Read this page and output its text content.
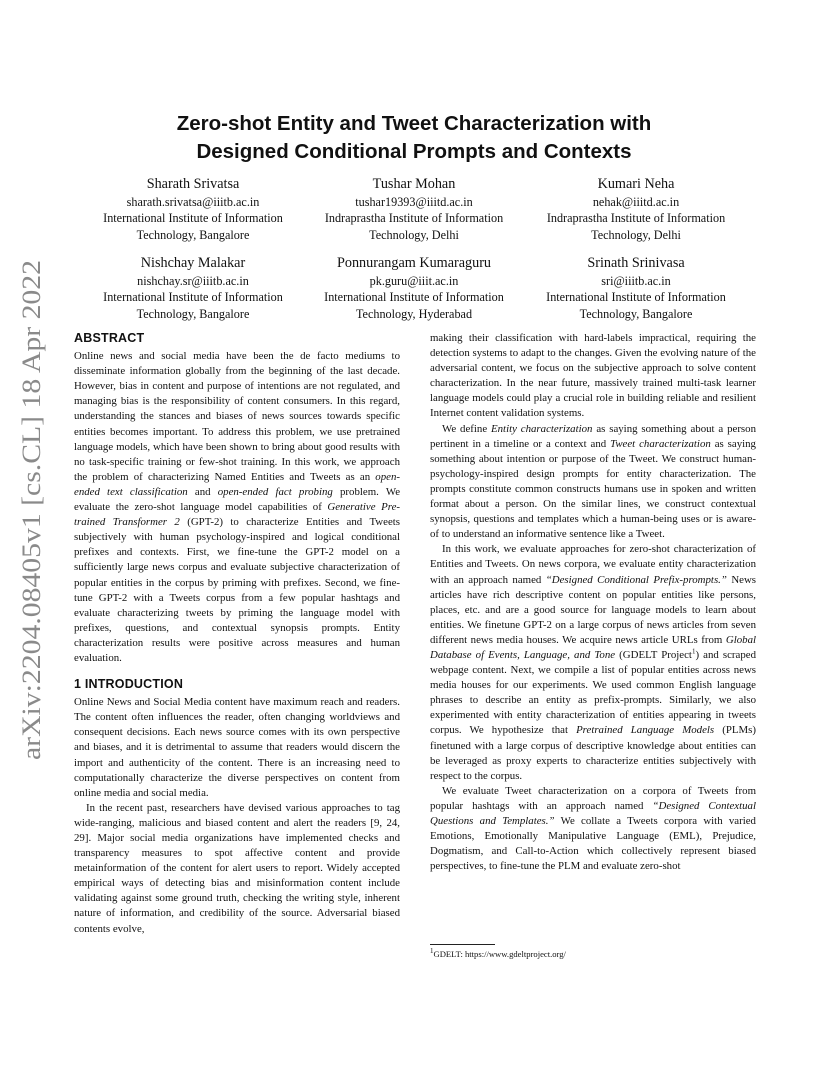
arXiv:2204.08405v1 [cs.CL] 18 Apr 2022
Zero-shot Entity and Tweet Characterization with
Designed Conditional Prompts and Contexts
Sharath Srivatsa
sharath.srivatsa@iiitb.ac.in
International Institute of Information
Technology, Bangalore
Tushar Mohan
tushar19393@iiitd.ac.in
Indraprastha Institute of Information
Technology, Delhi
Kumari Neha
nehak@iiitd.ac.in
Indraprastha Institute of Information
Technology, Delhi
Nishchay Malakar
nishchay.sr@iiitb.ac.in
International Institute of Information
Technology, Bangalore
Ponnurangam Kumaraguru
pk.guru@iiit.ac.in
International Institute of Information
Technology, Hyderabad
Srinath Srinivasa
sri@iiitb.ac.in
International Institute of Information
Technology, Bangalore
ABSTRACT

Online news and social media have been the de facto mediums to disseminate information globally from the beginning of the last decade. However, bias in content and purpose of intentions are not regulated, and managing bias is the responsibility of content consumers. In this regard, understanding the stances and biases of news sources towards specific entities becomes important. To address this problem, we use pretrained language models, which have been shown to bring about good results with no task-specific training or few-shot training. In this work, we approach the problem of characterizing Named Entities and Tweets as an open-ended text classification and open-ended fact probing problem. We evaluate the zero-shot language model capabilities of Generative Pre-trained Transformer 2 (GPT-2) to characterize Entities and Tweets subjectively with human psychology-inspired and logical conditional prefixes and contexts. First, we fine-tune the GPT-2 model on a sufficiently large news corpus and evaluate subjective characterization of popular entities in the corpus by priming with prefixes. Second, we fine-tune GPT-2 with a Tweets corpus from a few popular hashtags and evaluate characterizing tweets by priming the language model with prefixes, questions, and contextual synopsis prompts. Entity characterization results were positive across measures and human evaluation.

1 INTRODUCTION

Online News and Social Media content have maximum reach and readers. The content often influences the reader, often changing worldviews and consequent decisions. Each news source comes with its own perspective and biases, and it is detrimental to assume that readers would discern the import and authenticity of the content. There is an increasing need to computationally characterize the diverse perspectives on content from online media and social media.

In the recent past, researchers have devised various approaches to tag wide-ranging, malicious and biased content and alert the readers [9, 24, 29]. Major social media organizations have implemented checks and transparency measures to spot affective content and provide metainformation of the content for alert users to report. Widely accepted empirical ways of detecting bias and misinformation content include validating against some ground truth, checking the writing style, inherent nature of information, and credibility of the source. Adversarial biased contents evolve,

making their classification with hard-labels impractical, requiring the detection systems to adapt to the changes. Given the evolving nature of the adversarial content, we focus on the subjective approach to solve content characterization. In the near future, massively trained multi-task learner language models could play a crucial role in building reliable and resilient Internet content validation systems.

We define Entity characterization as saying something about a person pertinent in a timeline or a context and Tweet characterization as saying something about intention or purpose of the Tweet. We construct human-psychology-inspired design prompts for entity characterization. The prompts constitute common constructs humans use in spoken and written format about a person. On the similar lines, we construct contextual synopsis, questions and templates which a human-being uses or is aware-of to understand an informative sentence like a Tweet.

In this work, we evaluate approaches for zero-shot characterization of Entities and Tweets. On news corpora, we evaluate entity characterization with an approach named “Designed Conditional Prefix-prompts.” News articles have rich descriptive content on popular entities like persons, places, etc. and are a good source for language models to learn about entities. We finetune GPT-2 on a large corpus of news articles from seven different news media houses. We acquire news article URLs from Global Database of Events, Language, and Tone (GDELT Project$^1$) and scraped webpage content. Next, we compile a list of popular entities across news media houses for our experiments. We used common English language phrases to describe an entity as prefix-prompts. Similarly, we also experimented with entity characterization of entities appearing in tweets corpus. We hypothesize that Pretrained Language Models (PLMs) finetuned with a large corpus of descriptive knowledge about entities can be leveraged as proxy experts to characterize entities subjectively with respect to the corpus.

We evaluate Tweet characterization on a corpora of Tweets from popular hashtags with an approach named “Designed Contextual Questions and Templates.” We collate a Tweets corpora with varied Emotions, Emotionally Manipulative Language (EML), Prejudice, Dogmatism, and Call-to-Action which collectively represent biased perspectives, to fine-tune the PLM and evaluate zero-shot

$^1$GDELT: https://www.gdeltproject.org/
